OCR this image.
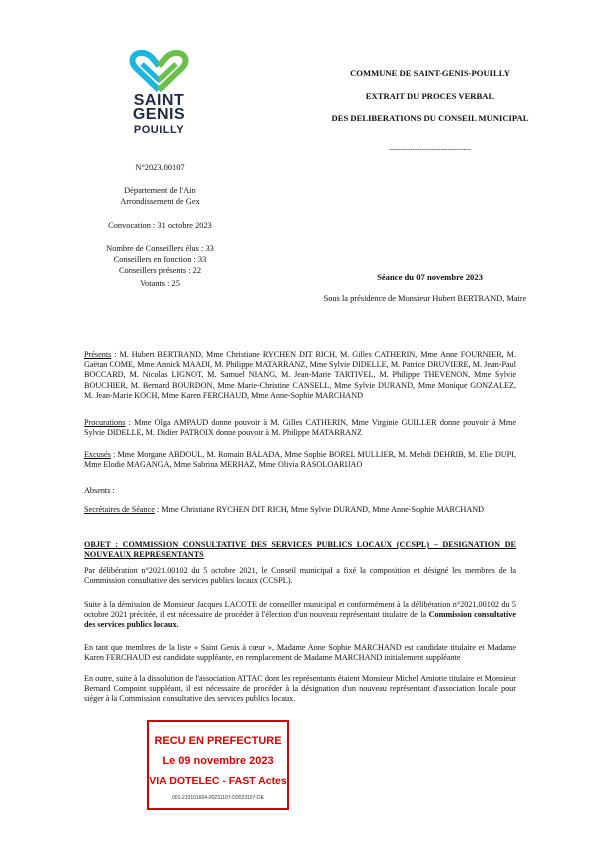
SAINT
GENIS
POUILLY
COMMUNE DE SAINT-GENIS-POUILLY
EXTRAIT DU PROCES VERBAL
DES DELIBERATIONS DU CONSEIL MUNICIPAL
-----------------------------------
N°2023.00107
Département de l'Ain
Arrondissement de Gex
Convocation : 31 octobre 2023
Nombre de Conseillers élus : 33
Conseillers en fonction : 33
Conseillers présents : 22
Votants : 25
Séance du 07 novembre 2023
Sous la présidence de Monsieur Hubert BERTRAND, Maire
Présents : M. Hubert BERTRAND, Mme Christiane RYCHEN DIT RICH, M. Gilles CATHERIN, Mme Anne FOURNIER, M. Gaëtan COME, Mme Annick MAADI, M. Philippe MATARRANZ, Mme Sylvie DIDELLE, M. Patrice DRUVIERE, M. Jean-Paul BOCCARD, M. Nicolas LIGNOT, M. Samuel NIANG, M. Jean-Marie TARTIVEL, M. Philippe THEVENON, Mme Sylvie BOUCHIER, M. Bernard BOURDON, Mme Marie-Christine CANSELL, Mme Sylvie DURAND, Mme Monique GONZALEZ, M. Jean-Marie KOCH, Mme Karen FERCHAUD, Mme Anne-Sophie MARCHAND
Procurations : Mme Olga AMPAUD donne pouvoir à M. Gilles CATHERIN, Mme Virginie GUILLER donne pouvoir à Mme Sylvie DIDELLE, M. Didier PATROIX donne pouvoir à M. Philippe MATARRANZ
Excusés : Mme Morgane ABDOUL, M. Romain BALADA, Mme Sophie BOREL MULLIER, M. Mehdi DEHRIB, M. Elie DUPI, Mme Elodie MAGANGA, Mme Sabrina MERHAZ, Mme Olivia RASOLOARIJAO
Absents :
Secrétaires de Séance : Mme Christiane RYCHEN DIT RICH, Mme Sylvie DURAND, Mme Anne-Sophie MARCHAND
OBJET : COMMISSION CONSULTATIVE DES SERVICES PUBLICS LOCAUX (CCSPL) – DESIGNATION DE NOUVEAUX REPRESENTANTS
Par délibération n°2021.00102 du 5 octobre 2021, le Conseil municipal a fixé la composition et désigné les membres de la Commission consultative des services publics locaux (CCSPL).
Suite à la démission de Monsieur Jacques LACOTE de conseiller municipal et conformément à la délibération n°2021.00102 du 5 octobre 2021 précitée, il est nécessaire de procéder à l'élection d'un nouveau représentant titulaire de la Commission consultative des services publics locaux.
En tant que membres de la liste « Saint Genis à cœur », Madame Anne Sophie MARCHAND est candidate titulaire et Madame Karen FERCHAUD est candidate suppléante, en remplacement de Madame MARCHAND initialement suppléante
En outre, suite à la dissolution de l'association ATTAC dont les représentants étaient Monsieur Michel Amiotte titulaire et Monsieur Bernard Compoint suppléant, il est nécessaire de procéder à la désignation d'un nouveau représentant d'association locale pour siéger à la Commission consultative des services publics locaux.
RECU EN PREFECTURE
Le 09 novembre 2023
VIA DOTELEC - FAST Actes
001-210101604-20231107-D2023107-DE
